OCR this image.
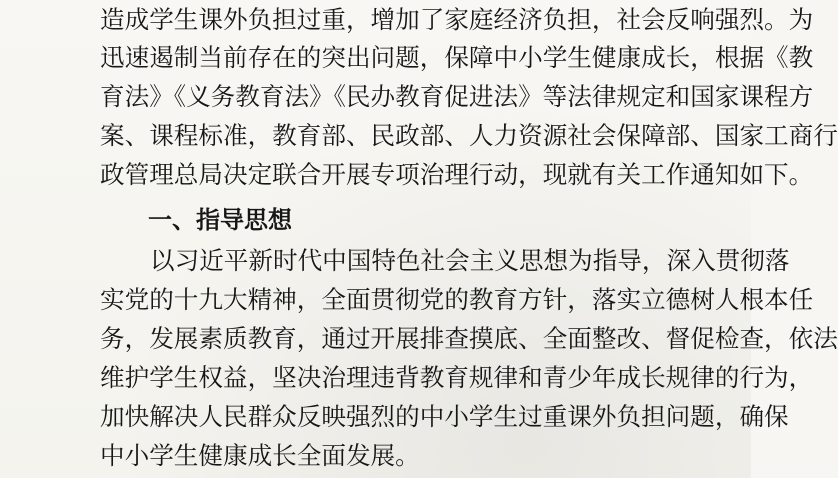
造成学生课外负担过重，增加了家庭经济负担，社会反响强烈。为
迅速遏制当前存在的突出问题，保障中小学生健康成长，根据《教
育法》《义务教育法》《民办教育促进法》等法律规定和国家课程方
案、课程标准，教育部、民政部、人力资源社会保障部、国家工商行
政管理总局决定联合开展专项治理行动，现就有关工作通知如下。
一、指导思想
以习近平新时代中国特色社会主义思想为指导，深入贯彻落
实党的十九大精神，全面贯彻党的教育方针，落实立德树人根本任
务，发展素质教育，通过开展排查摸底、全面整改、督促检查，依法
维护学生权益，坚决治理违背教育规律和青少年成长规律的行为，
加快解决人民群众反映强烈的中小学生过重课外负担问题，确保
中小学生健康成长全面发展。
